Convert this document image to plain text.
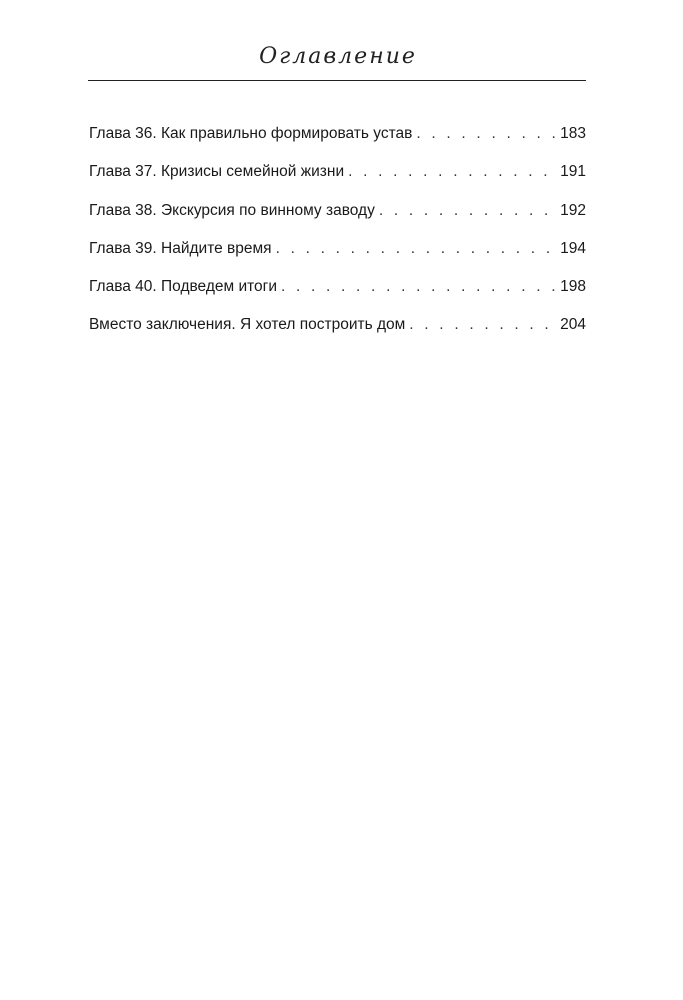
Оглавление
Глава 36. Как правильно формировать устав . . .	183
Глава 37. Кризисы семейной жизни . . .	191
Глава 38. Экскурсия по винному заводу . . .	192
Глава 39. Найдите время . . .	194
Глава 40. Подведем итоги . . .	198
Вместо заключения. Я хотел построить дом . . .	204
